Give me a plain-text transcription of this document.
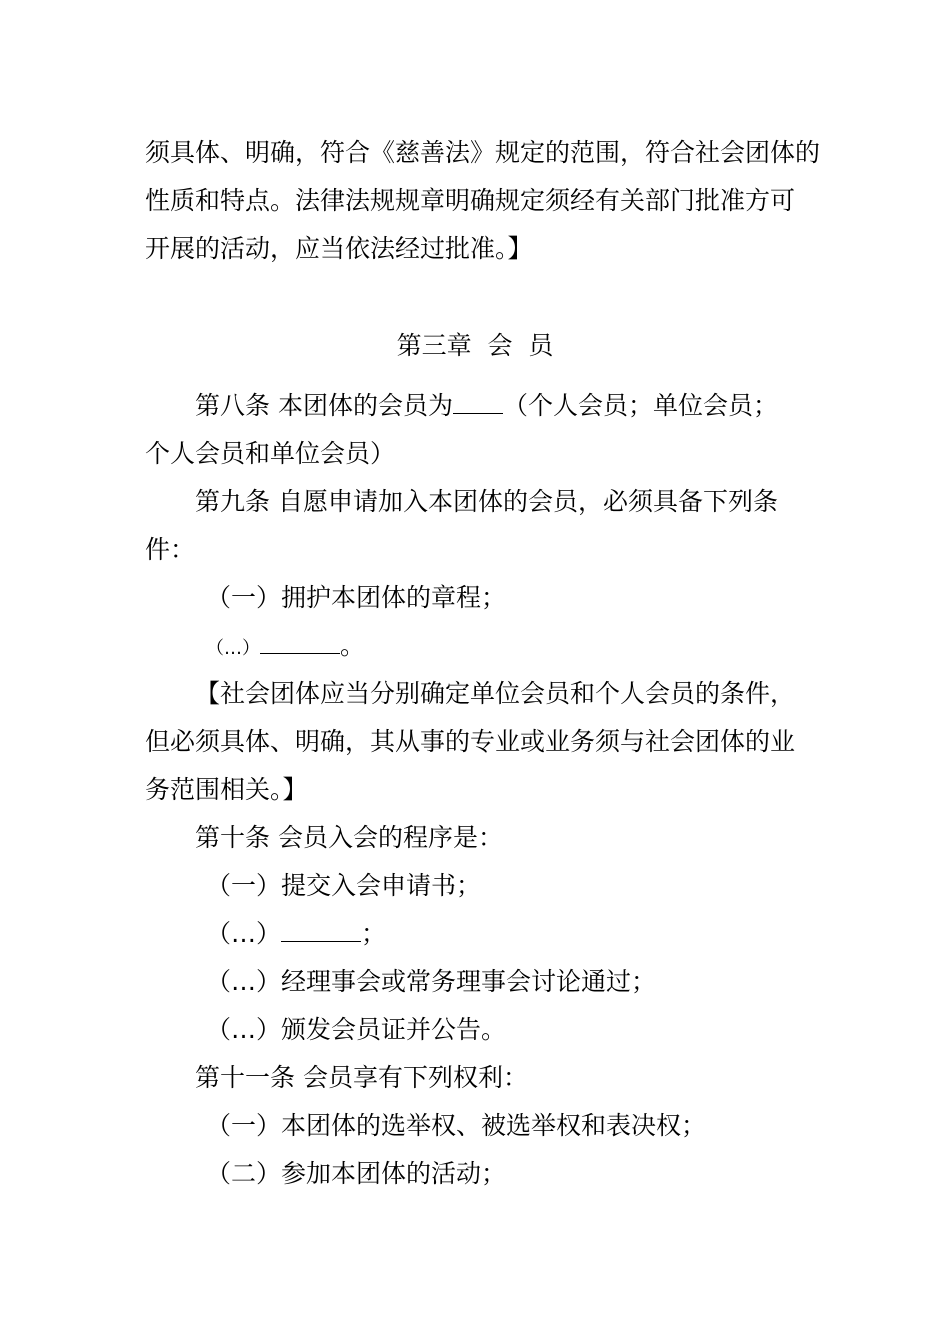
须具体、明确，符合《慈善法》规定的范围，符合社会团体的
性质和特点。法律法规规章明确规定须经有关部门批准方可
开展的活动，应当依法经过批准。】
第三章  会  员
第八条 本团体的会员为 （个人会员；单位会员；
个人会员和单位会员）
第九条 自愿申请加入本团体的会员，必须具备下列条
件：
（一）拥护本团体的章程；
（…）	。
【社会团体应当分别确定单位会员和个人会员的条件，
但必须具体、明确，其从事的专业或业务须与社会团体的业
务范围相关。】
第十条 会员入会的程序是：
（一）提交入会申请书；
（…）	；
（…）经理事会或常务理事会讨论通过；
（…）颁发会员证并公告。
第十一条 会员享有下列权利：
（一）本团体的选举权、被选举权和表决权；
（二）参加本团体的活动；
